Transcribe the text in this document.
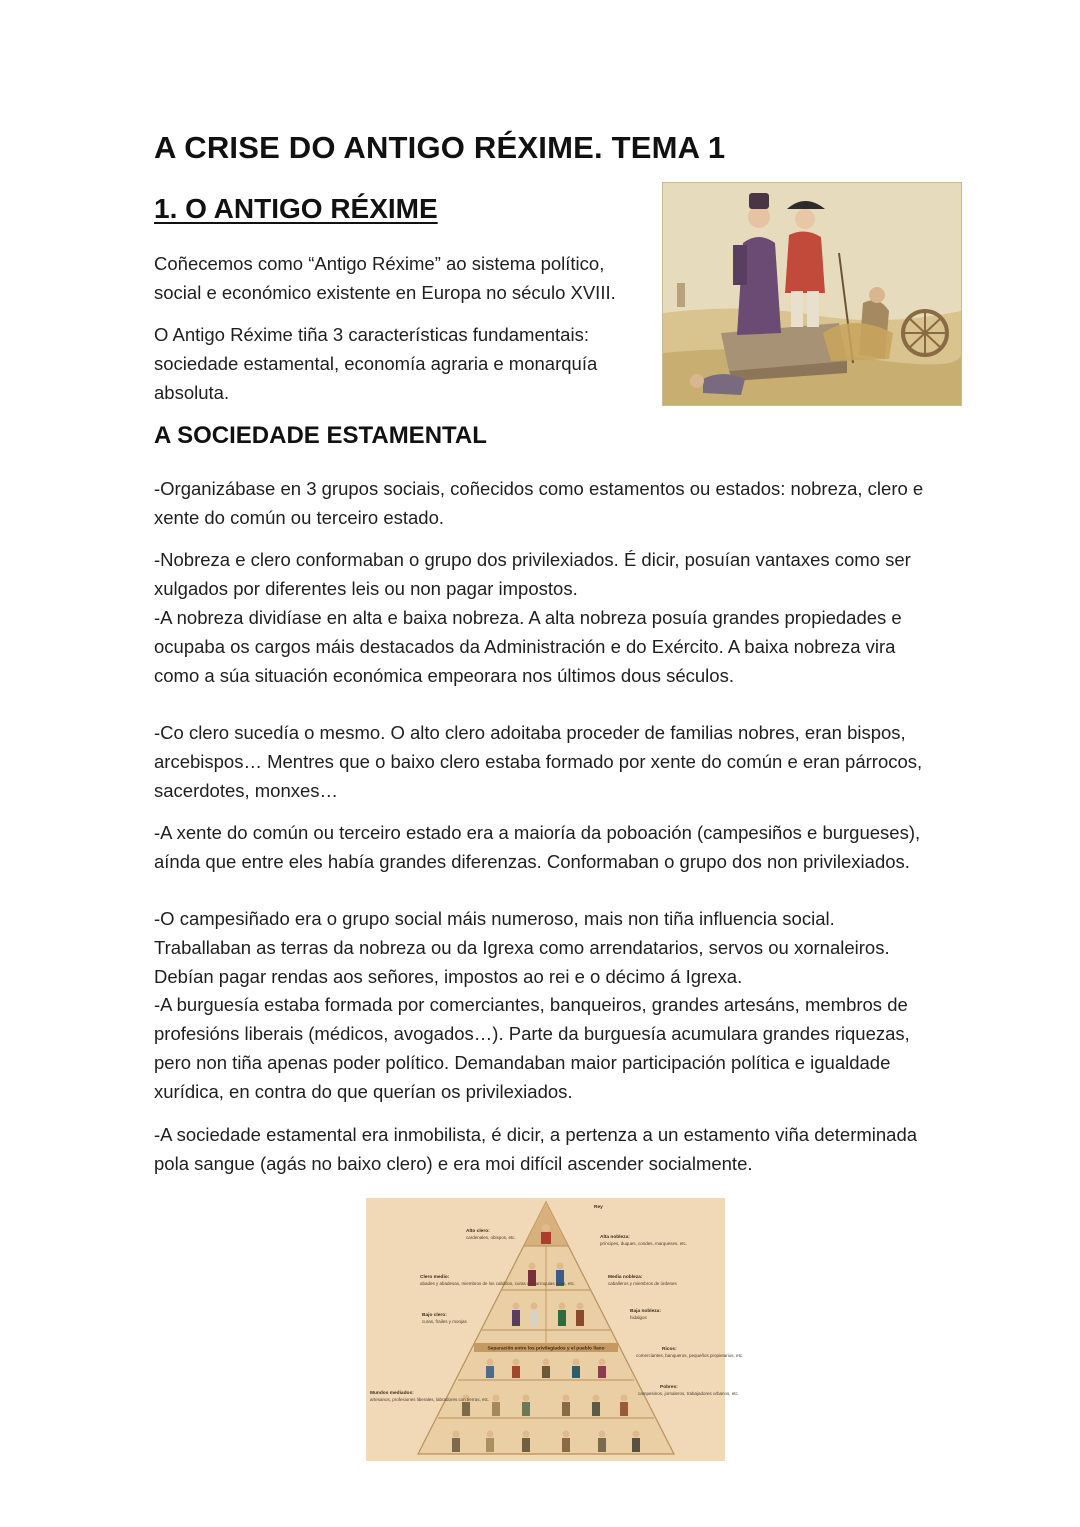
A CRISE DO ANTIGO RÉXIME. TEMA 1
1. O ANTIGO RÉXIME

Coñecemos como “Antigo Réxime” ao sistema político, social e económico existente en Europa no século XVIII.

O Antigo Réxime tiña 3 características fundamentais: sociedade estamental, economía agraria e monarquía absoluta.

A SOCIEDADE ESTAMENTAL

-Organizábase en 3 grupos sociais, coñecidos como estamentos ou estados: nobreza, clero e xente do común ou terceiro estado.

-Nobreza e clero conformaban o grupo dos privilexiados. É dicir, posuían vantaxes como ser xulgados por diferentes leis ou non pagar impostos.

-A nobreza dividíase en alta e baixa nobreza. A alta nobreza posuía grandes propiedades e ocupaba os cargos máis destacados da Administración e do Exército. A baixa nobreza vira como a súa situación económica empeorara nos últimos dous séculos.

-Co clero sucedía o mesmo. O alto clero adoitaba proceder de familias nobres, eran bispos, arcebispos… Mentres que o baixo clero estaba formado por xente do común e eran párrocos, sacerdotes, monxes…

-A xente do común ou terceiro estado era a maioría da poboación (campesiños e burgueses), aínda que entre eles había grandes diferenzas. Conformaban o grupo dos non privilexiados.

-O campesiñado era o grupo social máis numeroso, mais non tiña influencia social. Traballaban as terras da nobreza ou da Igrexa como arrendatarios, servos ou xornaleiros. Debían pagar rendas aos señores, impostos ao rei e o décimo á Igrexa.

-A burguesía estaba formada por comerciantes, banqueiros, grandes artesáns, membros de profesións liberais (médicos, avogados…). Parte da burguesía acumulara grandes riquezas, pero non tiña apenas poder político. Demandaban maior participación política e igualdade xurídica, en contra do que querían os privilexiados.

-A sociedade estamental era inmobilista, é dicir, a pertenza a un estamento viña determinada pola sangue (agás no baixo clero) e era moi difícil ascender socialmente.

Separación entre los privilegiados y el pueblo llano
Rey
Alto clero:
cardenales, obispos, etc.
Clero medio:
abades y abadesas, miembros de los cabildos, curas de parroquias ricas, etc.
Bajo clero:
curas, frailes y monjas
Mundos mediados:
artesanos, profesiones liberales, labradores con tierras, etc.
Alta nobleza:
príncipes, duques, condes, marqueses, etc.
Media nobleza:
caballeros y miembros de órdenes
Baja nobleza:
hidalgos
Ricos:
comerciantes, banqueros, pequeños propietarios, etc.
Pobres:
campesinos, jornaleros, trabajadores urbanos, etc.
